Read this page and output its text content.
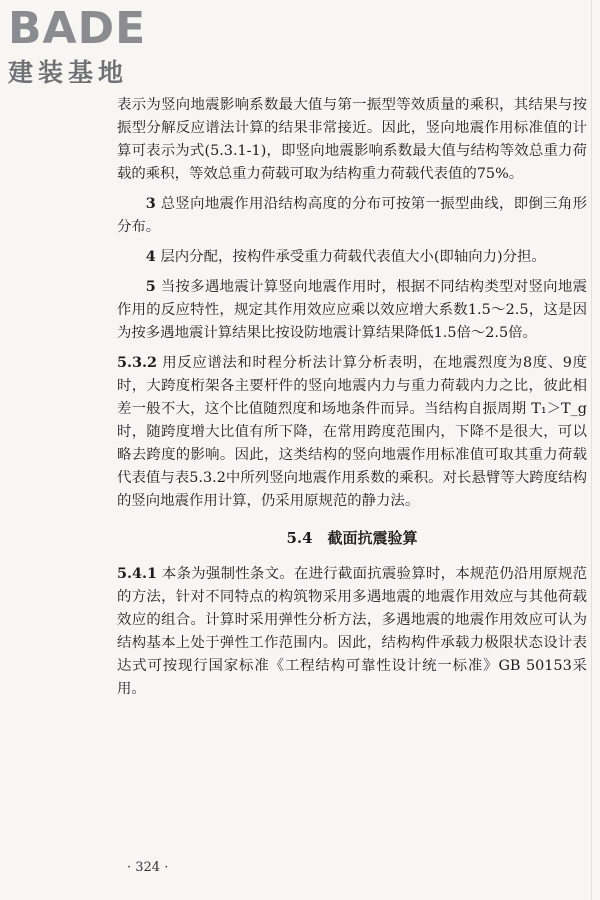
BADE
建装基地

表示为竖向地震影响系数最大值与第一振型等效质量的乘积，其结果与按振型分解反应谱法计算的结果非常接近。因此，竖向地震作用标准值的计算可表示为式(5.3.1-1)，即竖向地震影响系数最大值与结构等效总重力荷载的乘积，等效总重力荷载可取为结构重力荷载代表值的75%。

3 总竖向地震作用沿结构高度的分布可按第一振型曲线，即倒三角形分布。

4 层内分配，按构件承受重力荷载代表值大小(即轴向力)分担。

5 当按多遇地震计算竖向地震作用时，根据不同结构类型对竖向地震作用的反应特性，规定其作用效应应乘以效应增大系数1.5～2.5，这是因为按多遇地震计算结果比按设防地震计算结果降低1.5倍～2.5倍。

5.3.2 用反应谱法和时程分析法计算分析表明，在地震烈度为8度、9度时，大跨度桁架各主要杆件的竖向地震内力与重力荷载内力之比，彼此相差一般不大，这个比值随烈度和场地条件而异。当结构自振周期 T₁＞T_g 时，随跨度增大比值有所下降，在常用跨度范围内，下降不是很大，可以略去跨度的影响。因此，这类结构的竖向地震作用标准值可取其重力荷载代表值与表5.3.2中所列竖向地震作用系数的乘积。对长悬臂等大跨度结构的竖向地震作用计算，仍采用原规范的静力法。

5.4　截面抗震验算

5.4.1 本条为强制性条文。在进行截面抗震验算时，本规范仍沿用原规范的方法，针对不同特点的构筑物采用多遇地震的地震作用效应与其他荷载效应的组合。计算时采用弹性分析方法，多遇地震的地震作用效应可认为结构基本上处于弹性工作范围内。因此，结构构件承载力极限状态设计表达式可按现行国家标准《工程结构可靠性设计统一标准》GB 50153采用。

· 324 ·
